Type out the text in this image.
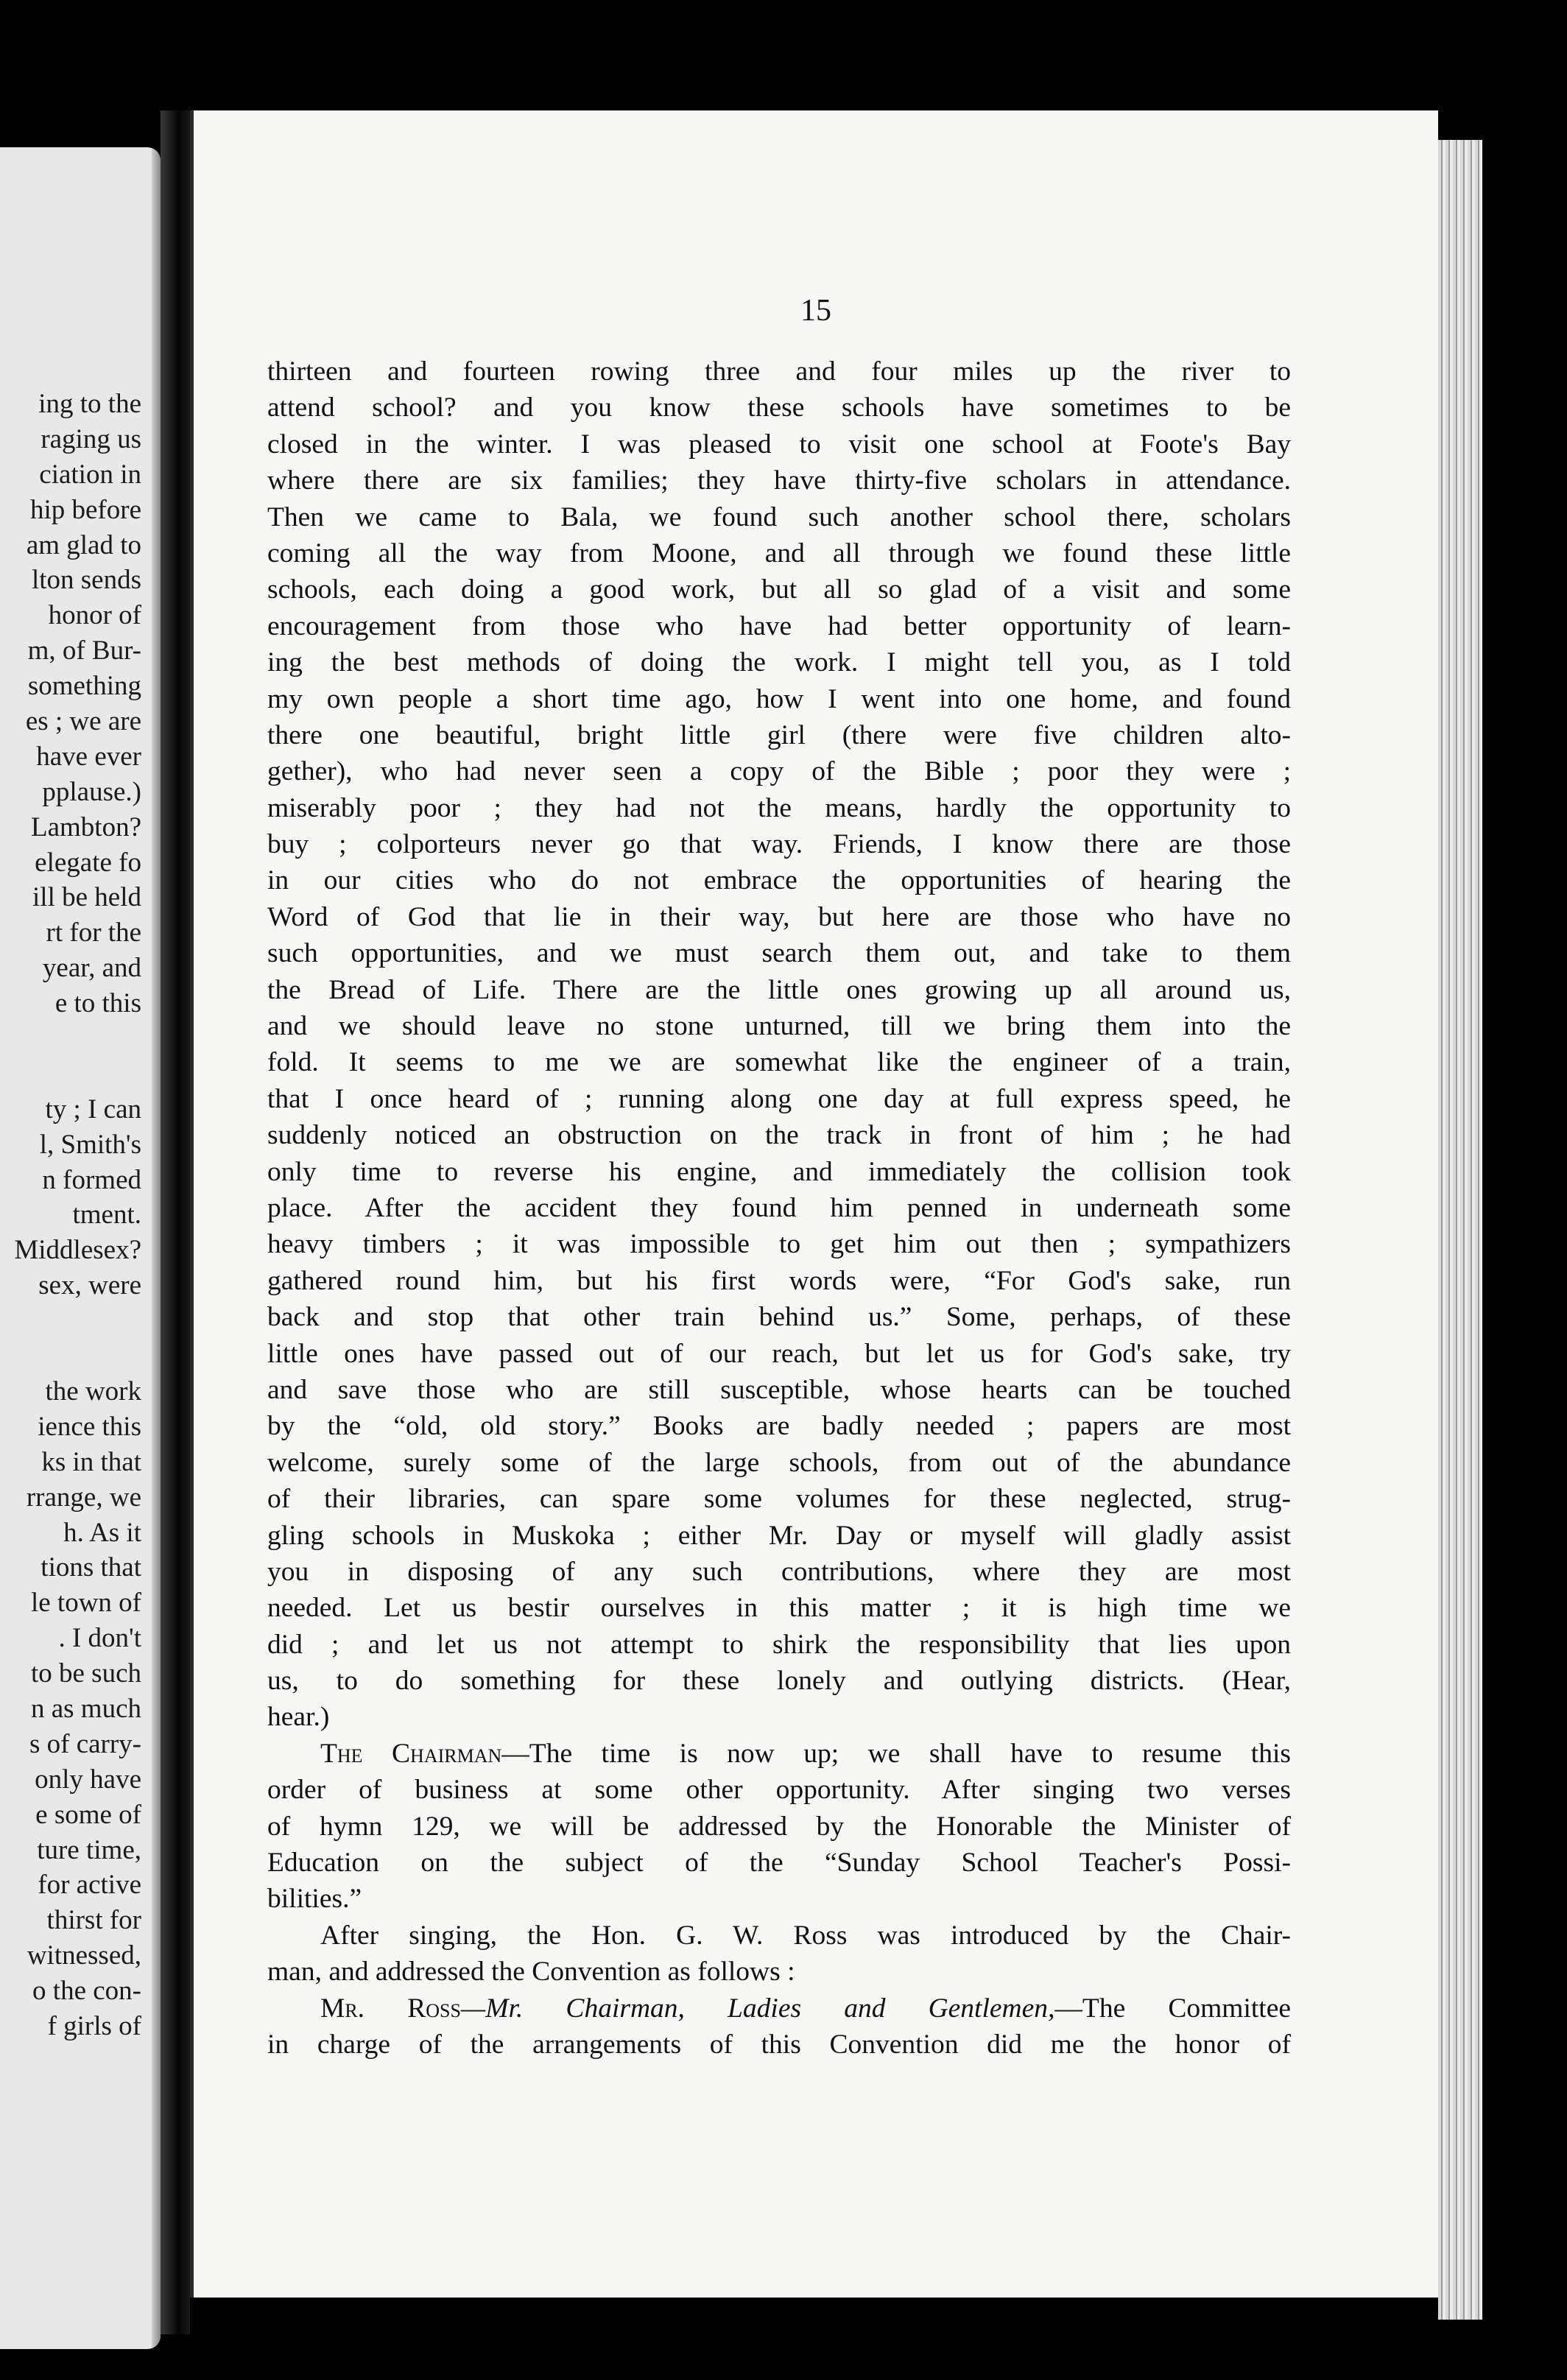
ing to the
raging us
ciation in
hip before
am glad to
lton sends
honor of
m, of Bur-
something
es ; we are
have ever
pplause.)
Lambton?
elegate fo
ill be held
rt for the
year, and
e to this
ty ; I can
l, Smith's
n formed
tment.
Middlesex?
sex, were
the work
ience this
ks in that
rrange, we
h. As it
tions that
le town of
. I don't
to be such
n as much
s of carry-
only have
e some of
ture time,
for active
thirst for
witnessed,
o the con-
f girls of
15
thirteen and fourteen rowing three and four miles up the river to
attend school? and you know these schools have sometimes to be
closed in the winter. I was pleased to visit one school at Foote's Bay
where there are six families; they have thirty-five scholars in attendance.
Then we came to Bala, we found such another school there, scholars
coming all the way from Moone, and all through we found these little
schools, each doing a good work, but all so glad of a visit and some
encouragement from those who have had better opportunity of learn-
ing the best methods of doing the work. I might tell you, as I told
my own people a short time ago, how I went into one home, and found
there one beautiful, bright little girl (there were five children alto-
gether), who had never seen a copy of the Bible ; poor they were ;
miserably poor ; they had not the means, hardly the opportunity to
buy ; colporteurs never go that way. Friends, I know there are those
in our cities who do not embrace the opportunities of hearing the
Word of God that lie in their way, but here are those who have no
such opportunities, and we must search them out, and take to them
the Bread of Life. There are the little ones growing up all around us,
and we should leave no stone unturned, till we bring them into the
fold. It seems to me we are somewhat like the engineer of a train,
that I once heard of ; running along one day at full express speed, he
suddenly noticed an obstruction on the track in front of him ; he had
only time to reverse his engine, and immediately the collision took
place. After the accident they found him penned in underneath some
heavy timbers ; it was impossible to get him out then ; sympathizers
gathered round him, but his first words were, “For God's sake, run
back and stop that other train behind us.” Some, perhaps, of these
little ones have passed out of our reach, but let us for God's sake, try
and save those who are still susceptible, whose hearts can be touched
by the “old, old story.” Books are badly needed ; papers are most
welcome, surely some of the large schools, from out of the abundance
of their libraries, can spare some volumes for these neglected, strug-
gling schools in Muskoka ; either Mr. Day or myself will gladly assist
you in disposing of any such contributions, where they are most
needed. Let us bestir ourselves in this matter ; it is high time we
did ; and let us not attempt to shirk the responsibility that lies upon
us, to do something for these lonely and outlying districts. (Hear,
hear.)
The Chairman—The time is now up; we shall have to resume this
order of business at some other opportunity. After singing two verses
of hymn 129, we will be addressed by the Honorable the Minister of
Education on the subject of the “Sunday School Teacher's Possi-
bilities.”
After singing, the Hon. G. W. Ross was introduced by the Chair-
man, and addressed the Convention as follows :
Mr. Ross—Mr. Chairman, Ladies and Gentlemen,—The Committee
in charge of the arrangements of this Convention did me the honor of
